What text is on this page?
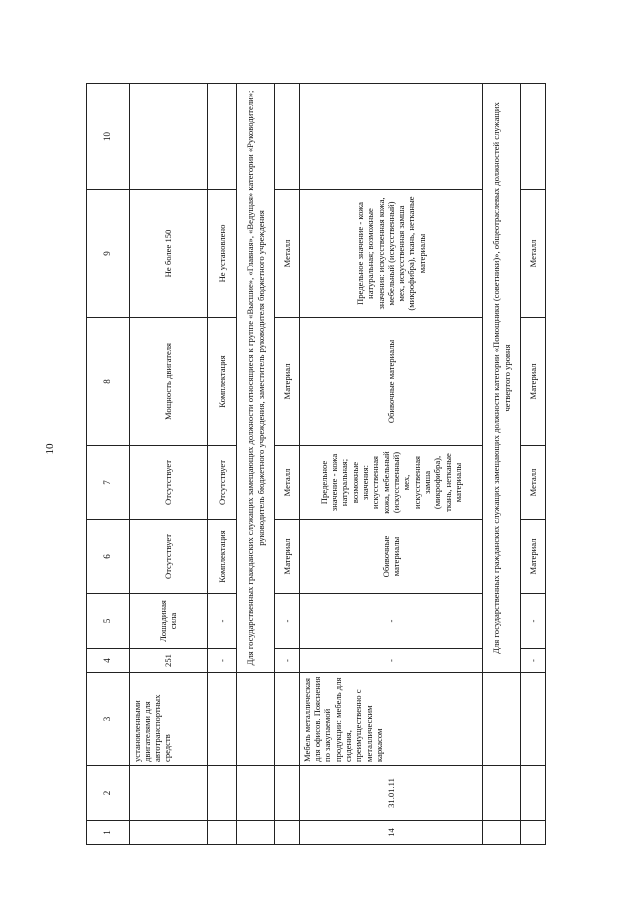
10
1	2	3	4	5	6	7	8	9	10
		установленными двигателями для автотранспортных средств	251	Лошадиная сила	Отсутствует	Отсутствует	Мощность двигателя	Не более 150	
			-	-	Комплектация	Отсутствует	Комплектация	Не установлено	
			Для государственных гражданских служащих замещающих должности относящиеся к группе «Высшие», «Главная», «Ведущая» категории «Руководители»; руководитель бюджетного учреждения, заместитель руководителя бюджетного учреждения						
			-	-	Материал	Металл	Материал	Металл	
14	31.01.11	Мебель металлическая для офисов. Пояснения по закупаемой продукции: мебель для сидения, преимущественно с металлическим каркасом	-	-	Обивочные материалы	Предельное значение - кожа натуральная; возможные значения: искусственная кожа, мебельный (искусственный) мех, искусственная замша (микрофибра), ткань, нетканые материалы	Обивочные материалы	Предельное значение - кожа натуральная; возможные значения: искусственная кожа, мебельный (искусственный) мех, искусственная замша (микрофибра), ткань, нетканые материалы	
			Для государственных гражданских служащих замещающих должности категории «Помощники (советники)», общеотраслевых должностей служащих четвертого уровня						
			-	-	Материал	Металл	Материал	Металл	
